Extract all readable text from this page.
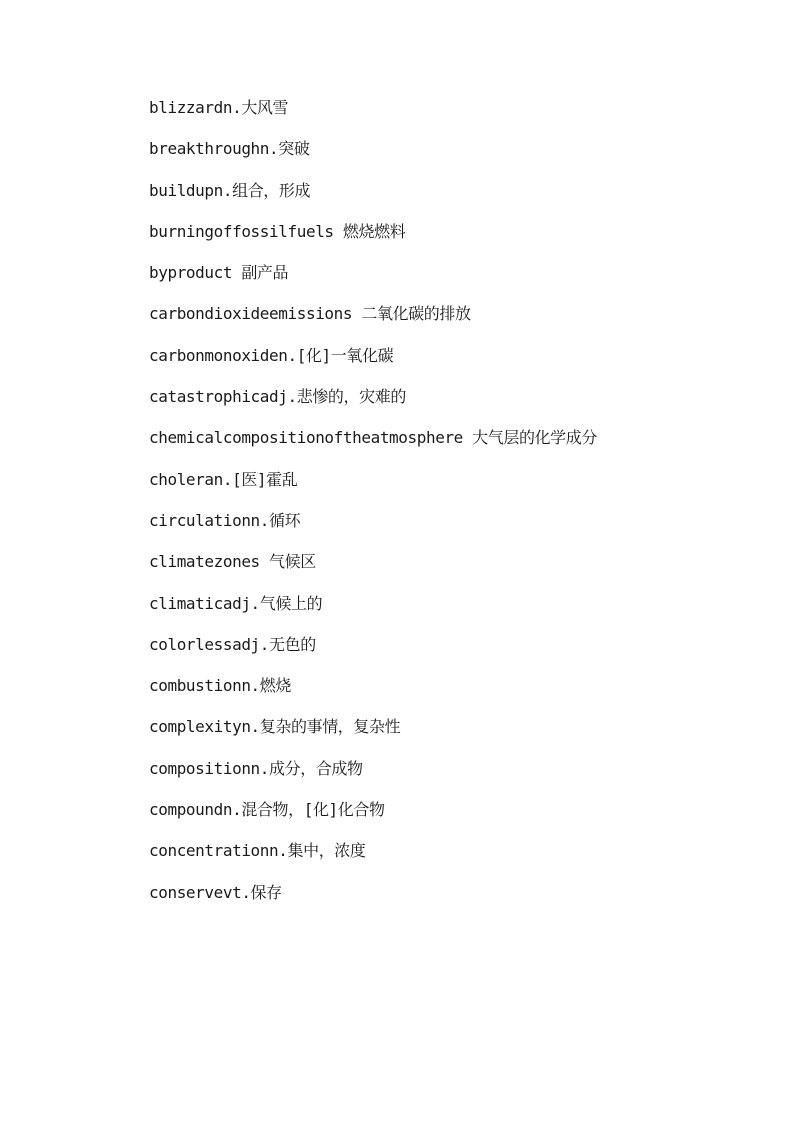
blizzardn.大风雪
breakthroughn.突破
buildupn.组合，形成
burningoffossilfuels 燃烧燃料
byproduct 副产品
carbondioxideemissions 二氧化碳的排放
carbonmonoxiden.[化]一氧化碳
catastrophicadj.悲惨的，灾难的
chemicalcompositionoftheatmosphere 大气层的化学成分
choleran.[医]霍乱
circulationn.循环
climatezones 气候区
climaticadj.气候上的
colorlessadj.无色的
combustionn.燃烧
complexityn.复杂的事情，复杂性
compositionn.成分，合成物
compoundn.混合物，[化]化合物
concentrationn.集中，浓度
conservevt.保存
